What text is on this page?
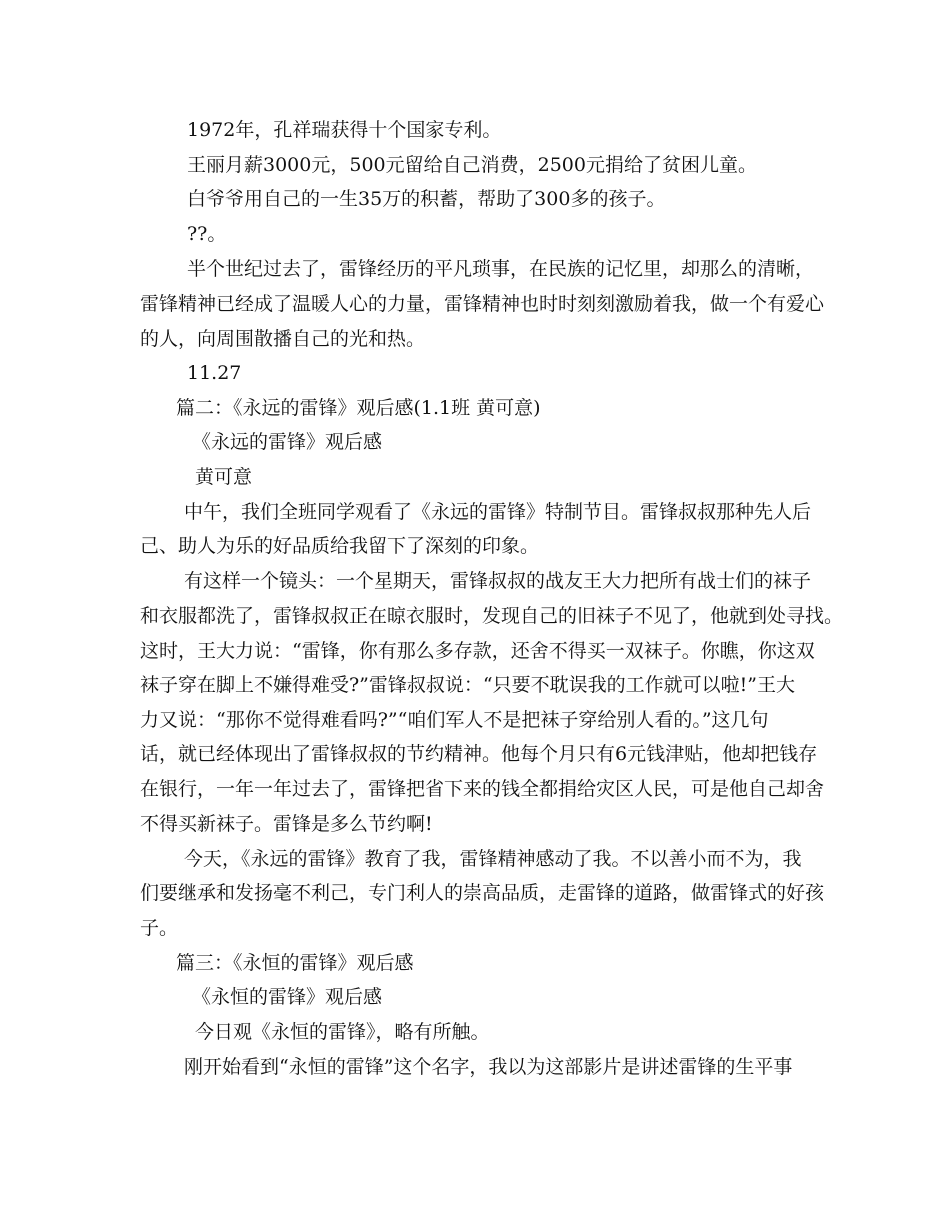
1972年，孔祥瑞获得十个国家专利。
王丽月薪3000元，500元留给自己消费，2500元捐给了贫困儿童。
白爷爷用自己的一生35万的积蓄，帮助了300多的孩子。
??。
半个世纪过去了，雷锋经历的平凡琐事，在民族的记忆里，却那么的清晰，
雷锋精神已经成了温暖人心的力量，雷锋精神也时时刻刻激励着我，做一个有爱心
的人，向周围散播自己的光和热。
11.27
篇二：《永远的雷锋》观后感(1.1班 黄可意)
《永远的雷锋》观后感
黄可意
中午，我们全班同学观看了《永远的雷锋》特制节目。雷锋叔叔那种先人后
己、助人为乐的好品质给我留下了深刻的印象。
有这样一个镜头：一个星期天，雷锋叔叔的战友王大力把所有战士们的袜子
和衣服都洗了，雷锋叔叔正在晾衣服时，发现自己的旧袜子不见了，他就到处寻找。
这时，王大力说：“雷锋，你有那么多存款，还舍不得买一双袜子。你瞧，你这双
袜子穿在脚上不嫌得难受?”雷锋叔叔说：“只要不耽误我的工作就可以啦!”王大
力又说：“那你不觉得难看吗?”“咱们军人不是把袜子穿给别人看的。”这几句
话，就已经体现出了雷锋叔叔的节约精神。他每个月只有6元钱津贴，他却把钱存
在银行，一年一年过去了，雷锋把省下来的钱全都捐给灾区人民，可是他自己却舍
不得买新袜子。雷锋是多么节约啊!
今天，《永远的雷锋》教育了我，雷锋精神感动了我。不以善小而不为，我
们要继承和发扬毫不利己，专门利人的崇高品质，走雷锋的道路，做雷锋式的好孩
子。
篇三：《永恒的雷锋》观后感
《永恒的雷锋》观后感
今日观《永恒的雷锋》，略有所触。
刚开始看到“永恒的雷锋”这个名字，我以为这部影片是讲述雷锋的生平事
